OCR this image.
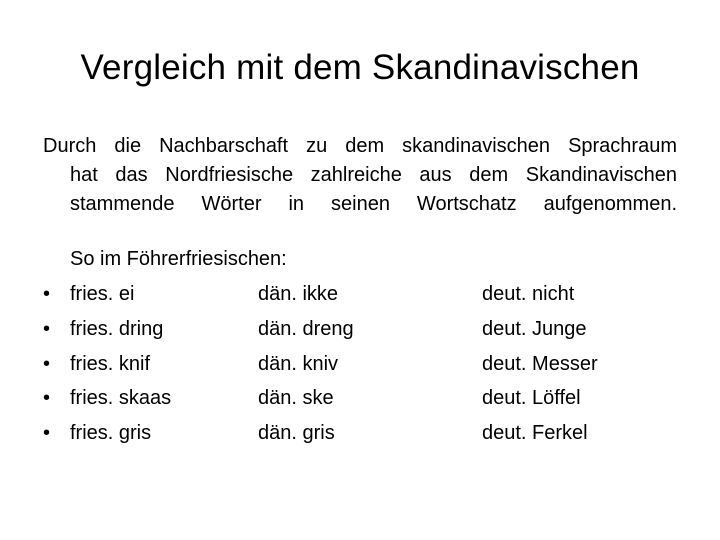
Vergleich mit dem Skandinavischen
Durch die Nachbarschaft zu dem skandinavischen Sprachraum
hat das Nordfriesische zahlreiche aus dem Skandinavischen
stammende Wörter in seinen Wortschatz aufgenommen.
So im Föhrerfriesischen:
• fries. ei	dän. ikke	deut. nicht
• fries. dring	dän. dreng	deut. Junge
• fries. knif	dän. kniv	deut. Messer
• fries. skaas	dän. ske	deut. Löffel
• fries. gris	dän. gris	deut. Ferkel
